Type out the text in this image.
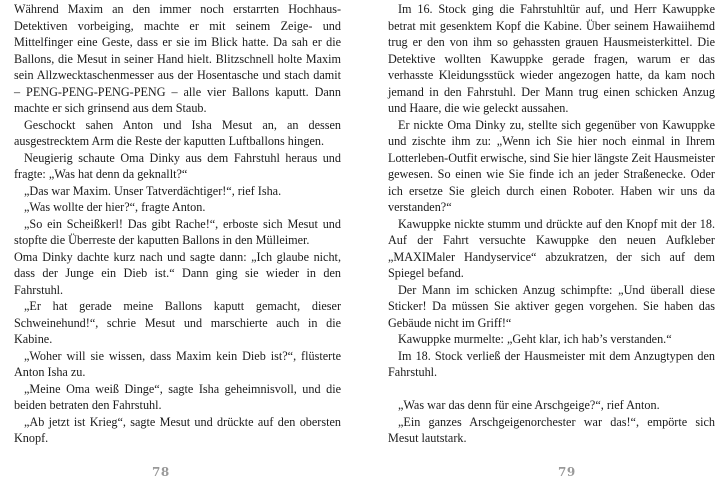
Während Maxim an den immer noch erstarrten Hochhaus-Detektiven vorbeiging, machte er mit seinem Zeige- und Mittelfinger eine Geste, dass er sie im Blick hatte. Da sah er die Ballons, die Mesut in seiner Hand hielt. Blitzschnell holte Maxim sein Allzwecktaschenmesser aus der Hosentasche und stach damit – PENG-PENG-PENG-PENG – alle vier Ballons kaputt. Dann machte er sich grinsend aus dem Staub.

Geschockt sahen Anton und Isha Mesut an, an dessen ausgestrecktem Arm die Reste der kaputten Luftballons hingen.

Neugierig schaute Oma Dinky aus dem Fahrstuhl heraus und fragte: „Was hat denn da geknallt?“

„Das war Maxim. Unser Tatverdächtiger!“, rief Isha.

„Was wollte der hier?“, fragte Anton.

„So ein Scheißkerl! Das gibt Rache!“, erboste sich Mesut und stopfte die Überreste der kaputten Ballons in den Mülleimer.

Oma Dinky dachte kurz nach und sagte dann: „Ich glaube nicht, dass der Junge ein Dieb ist.“ Dann ging sie wieder in den Fahrstuhl.

„Er hat gerade meine Ballons kaputt gemacht, dieser Schweinehund!“, schrie Mesut und marschierte auch in die Kabine.

„Woher will sie wissen, dass Maxim kein Dieb ist?“, flüsterte Anton Isha zu.

„Meine Oma weiß Dinge“, sagte Isha geheimnisvoll, und die beiden betraten den Fahrstuhl.

„Ab jetzt ist Krieg“, sagte Mesut und drückte auf den obersten Knopf.

78

Im 16. Stock ging die Fahrstuhltür auf, und Herr Kawuppke betrat mit gesenktem Kopf die Kabine. Über seinem Hawaiihemd trug er den von ihm so gehassten grauen Hausmeisterkittel. Die Detektive wollten Kawuppke gerade fragen, warum er das verhasste Kleidungsstück wieder angezogen hatte, da kam noch jemand in den Fahrstuhl. Der Mann trug einen schicken Anzug und Haare, die wie geleckt aussahen.

Er nickte Oma Dinky zu, stellte sich gegenüber von Kawuppke und zischte ihm zu: „Wenn ich Sie hier noch einmal in Ihrem Lotterleben-Outfit erwische, sind Sie hier längste Zeit Hausmeister gewesen. So einen wie Sie finde ich an jeder Straßenecke. Oder ich ersetze Sie gleich durch einen Roboter. Haben wir uns da verstanden?“

Kawuppke nickte stumm und drückte auf den Knopf mit der 18. Auf der Fahrt versuchte Kawuppke den neuen Aufkleber „MAXIMaler Handyservice“ abzukratzen, der sich auf dem Spiegel befand.

Der Mann im schicken Anzug schimpfte: „Und überall diese Sticker! Da müssen Sie aktiver gegen vorgehen. Sie haben das Gebäude nicht im Griff!“

Kawuppke murmelte: „Geht klar, ich hab’s verstanden.“

Im 18. Stock verließ der Hausmeister mit dem Anzugtypen den Fahrstuhl.

„Was war das denn für eine Arschgeige?“, rief Anton.

„Ein ganzes Arschgeigenorchester war das!“, empörte sich Mesut lautstark.

79
